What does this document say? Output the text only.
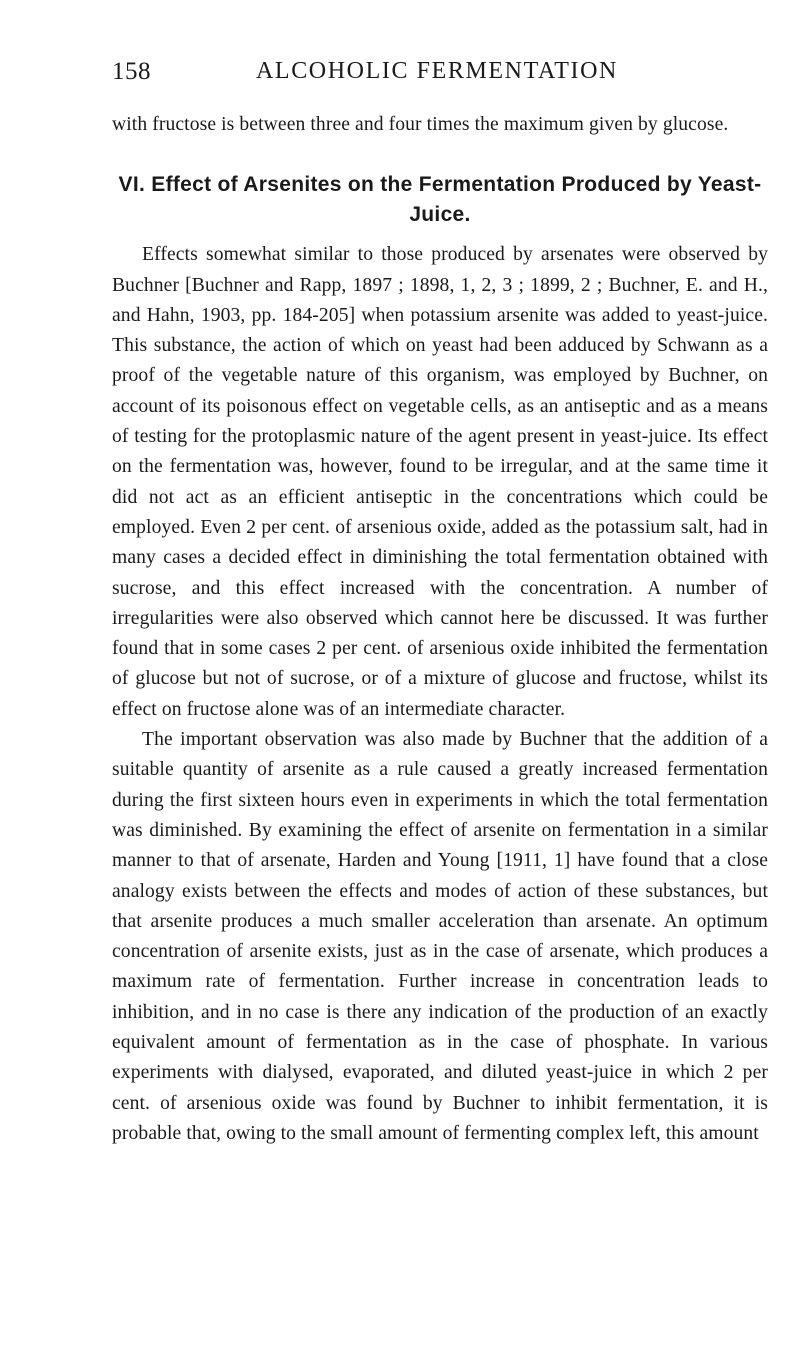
158	ALCOHOLIC FERMENTATION

with fructose is between three and four times the maximum given by glucose.

VI. Effect of Arsenites on the Fermentation Produced by Yeast-Juice.

Effects somewhat similar to those produced by arsenates were observed by Buchner [Buchner and Rapp, 1897 ; 1898, 1, 2, 3 ; 1899, 2 ; Buchner, E. and H., and Hahn, 1903, pp. 184-205] when potassium arsenite was added to yeast-juice. This substance, the action of which on yeast had been adduced by Schwann as a proof of the vegetable nature of this organism, was employed by Buchner, on account of its poisonous effect on vegetable cells, as an antiseptic and as a means of testing for the protoplasmic nature of the agent present in yeast-juice. Its effect on the fermentation was, however, found to be irregular, and at the same time it did not act as an efficient antiseptic in the concentrations which could be employed. Even 2 per cent. of arsenious oxide, added as the potassium salt, had in many cases a decided effect in diminishing the total fermentation obtained with sucrose, and this effect increased with the concentration. A number of irregularities were also observed which cannot here be discussed. It was further found that in some cases 2 per cent. of arsenious oxide inhibited the fermentation of glucose but not of sucrose, or of a mixture of glucose and fructose, whilst its effect on fructose alone was of an intermediate character.

The important observation was also made by Buchner that the addition of a suitable quantity of arsenite as a rule caused a greatly increased fermentation during the first sixteen hours even in experiments in which the total fermentation was diminished. By examining the effect of arsenite on fermentation in a similar manner to that of arsenate, Harden and Young [1911, 1] have found that a close analogy exists between the effects and modes of action of these substances, but that arsenite produces a much smaller acceleration than arsenate. An optimum concentration of arsenite exists, just as in the case of arsenate, which produces a maximum rate of fermentation. Further increase in concentration leads to inhibition, and in no case is there any indication of the production of an exactly equivalent amount of fermentation as in the case of phosphate. In various experiments with dialysed, evaporated, and diluted yeast-juice in which 2 per cent. of arsenious oxide was found by Buchner to inhibit fermentation, it is probable that, owing to the small amount of fermenting complex left, this amount
